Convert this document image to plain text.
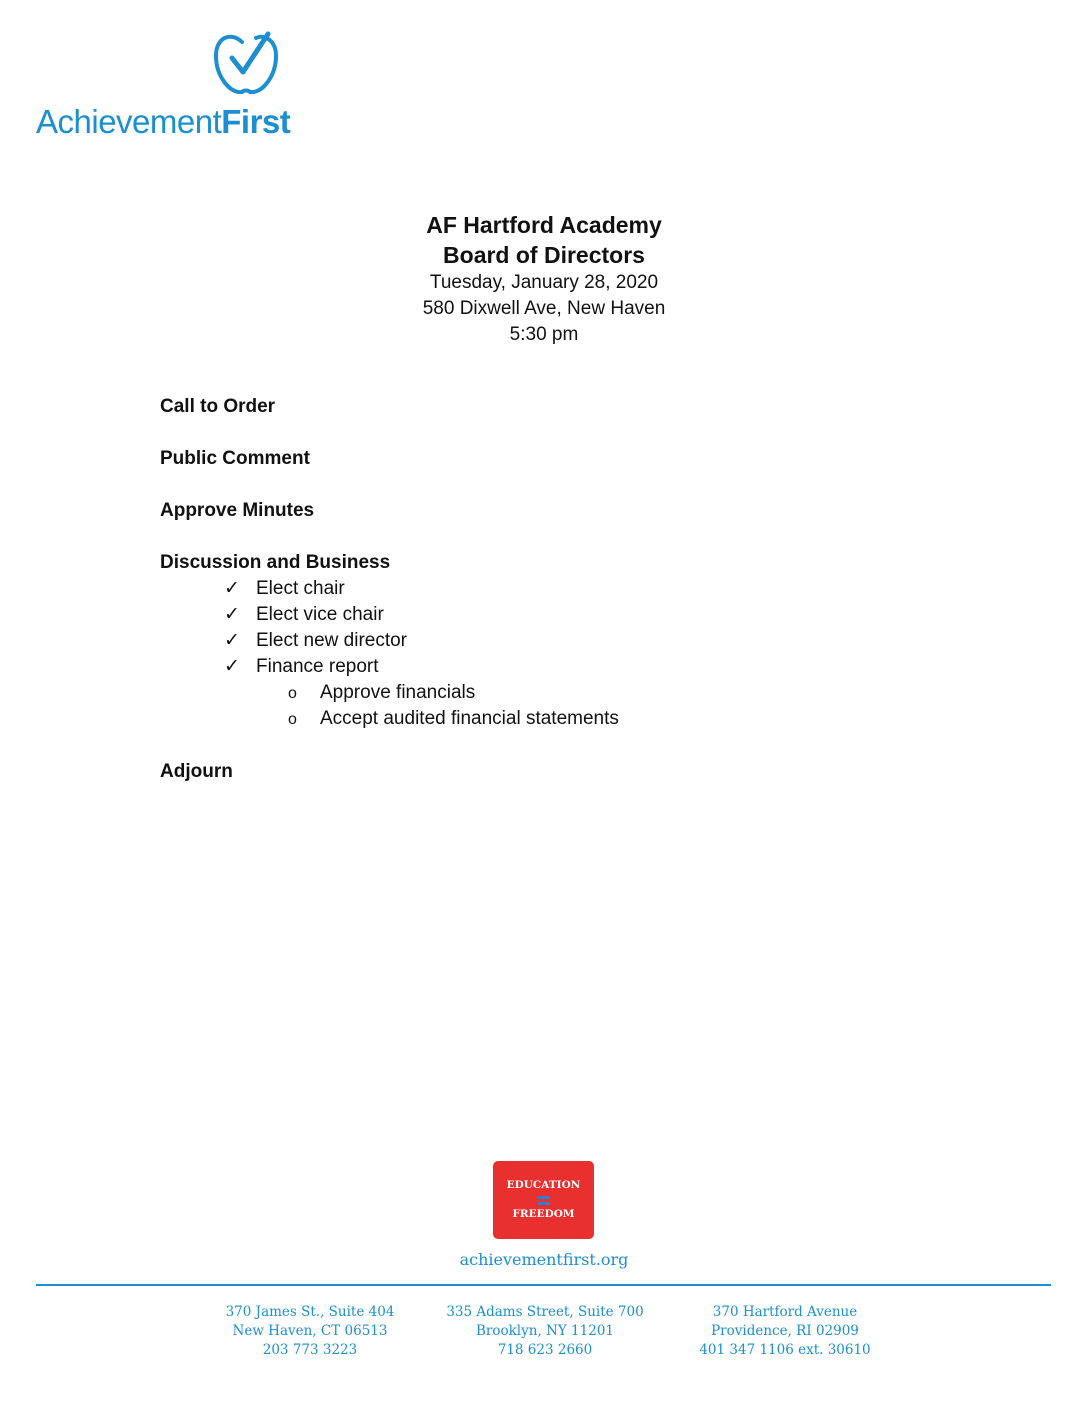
AchievementFirst
AF Hartford Academy
Board of Directors
Tuesday, January 28, 2020
580 Dixwell Ave, New Haven
5:30 pm
Call to Order
Public Comment
Approve Minutes
Discussion and Business
✓ Elect chair
✓ Elect vice chair
✓ Elect new director
✓ Finance report
o Approve financials
o Accept audited financial statements
Adjourn
EDUCATION
FREEDOM
achievementfirst.org
370 James St., Suite 404
New Haven, CT 06513
203 773 3223
335 Adams Street, Suite 700
Brooklyn, NY 11201
718 623 2660
370 Hartford Avenue
Providence, RI 02909
401 347 1106 ext. 30610
